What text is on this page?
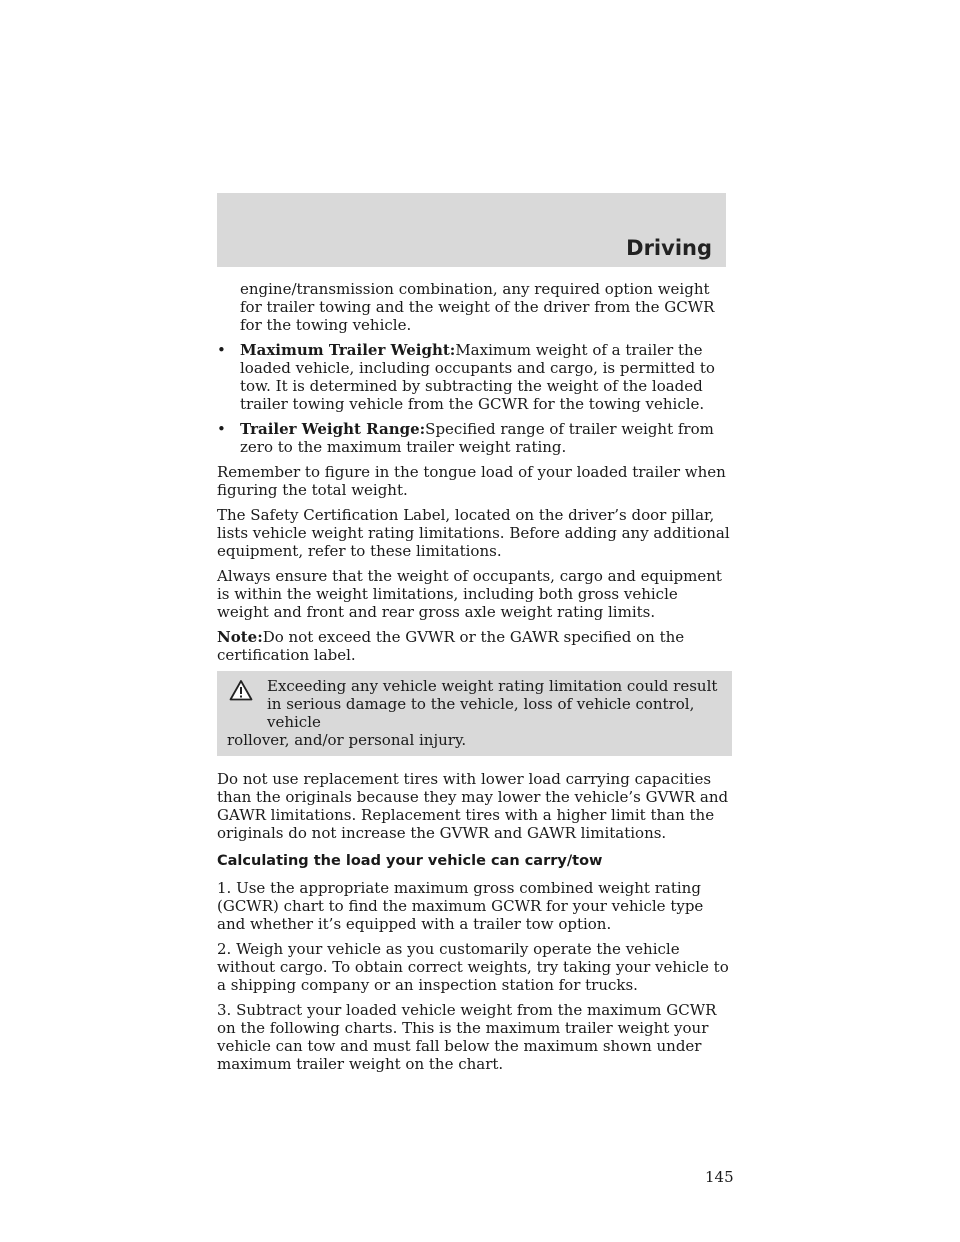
Driving

engine/transmission combination, any required option weight for trailer towing and the weight of the driver from the GCWR for the towing vehicle.

• Maximum Trailer Weight:Maximum weight of a trailer the loaded vehicle, including occupants and cargo, is permitted to tow. It is determined by subtracting the weight of the loaded trailer towing vehicle from the GCWR for the towing vehicle.
• Trailer Weight Range:Specified range of trailer weight from zero to the maximum trailer weight rating.

Remember to figure in the tongue load of your loaded trailer when figuring the total weight.

The Safety Certification Label, located on the driver’s door pillar, lists vehicle weight rating limitations. Before adding any additional equipment, refer to these limitations.

Always ensure that the weight of occupants, cargo and equipment is within the weight limitations, including both gross vehicle weight and front and rear gross axle weight rating limits.

Note:Do not exceed the GVWR or the GAWR specified on the certification label.

Exceeding any vehicle weight rating limitation could result in serious damage to the vehicle, loss of vehicle control, vehicle
rollover, and/or personal injury.

Do not use replacement tires with lower load carrying capacities than the originals because they may lower the vehicle’s GVWR and GAWR limitations. Replacement tires with a higher limit than the originals do not increase the GVWR and GAWR limitations.

Calculating the load your vehicle can carry/tow

1. Use the appropriate maximum gross combined weight rating (GCWR) chart to find the maximum GCWR for your vehicle type and whether it’s equipped with a trailer tow option.

2. Weigh your vehicle as you customarily operate the vehicle without cargo. To obtain correct weights, try taking your vehicle to a shipping company or an inspection station for trucks.

3. Subtract your loaded vehicle weight from the maximum GCWR on the following charts. This is the maximum trailer weight your vehicle can tow and must fall below the maximum shown under maximum trailer weight on the chart.

145
